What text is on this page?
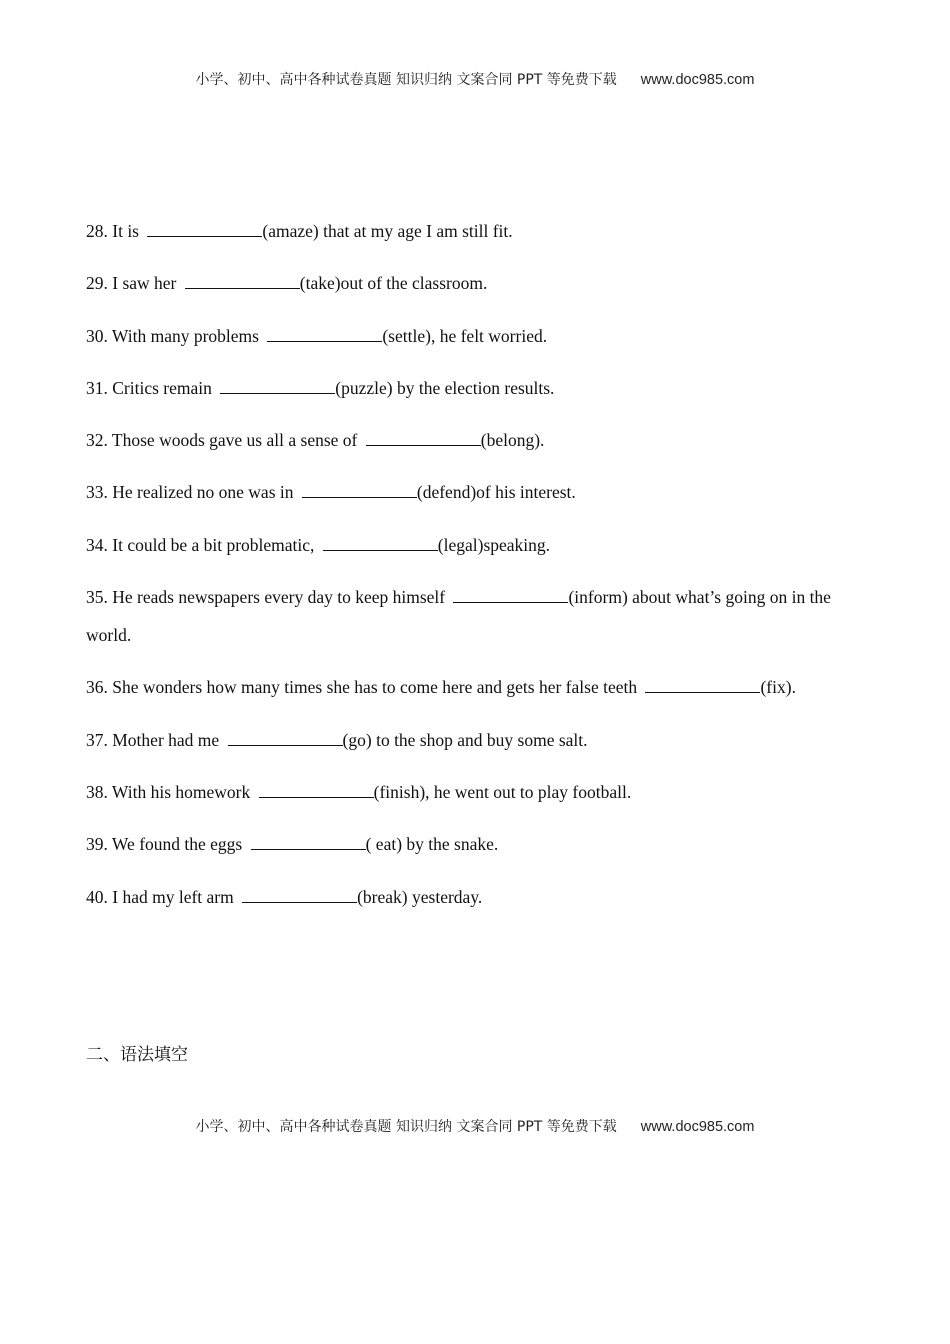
小学、初中、高中各种试卷真题 知识归纳 文案合同 PPT 等免费下载 www.doc985.com
28. It is	(amaze) that at my age I am still fit.
29. I saw her	(take)out of the classroom.
30. With many problems	(settle), he felt worried.
31. Critics remain	(puzzle) by the election results.
32. Those woods gave us all a sense of	(belong).
33. He realized no one was in	(defend)of his interest.
34. It could be a bit problematic,	(legal)speaking.
35. He reads newspapers every day to keep himself	(inform) about what’s going on in the world.
36. She wonders how many times she has to come here and gets her false teeth	(fix).
37. Mother had me	(go) to the shop and buy some salt.
38. With his homework	(finish), he went out to play football.
39. We found the eggs	( eat) by the snake.
40. I had my left arm	(break) yesterday.
二、语法填空
小学、初中、高中各种试卷真题 知识归纳 文案合同 PPT 等免费下载 www.doc985.com
